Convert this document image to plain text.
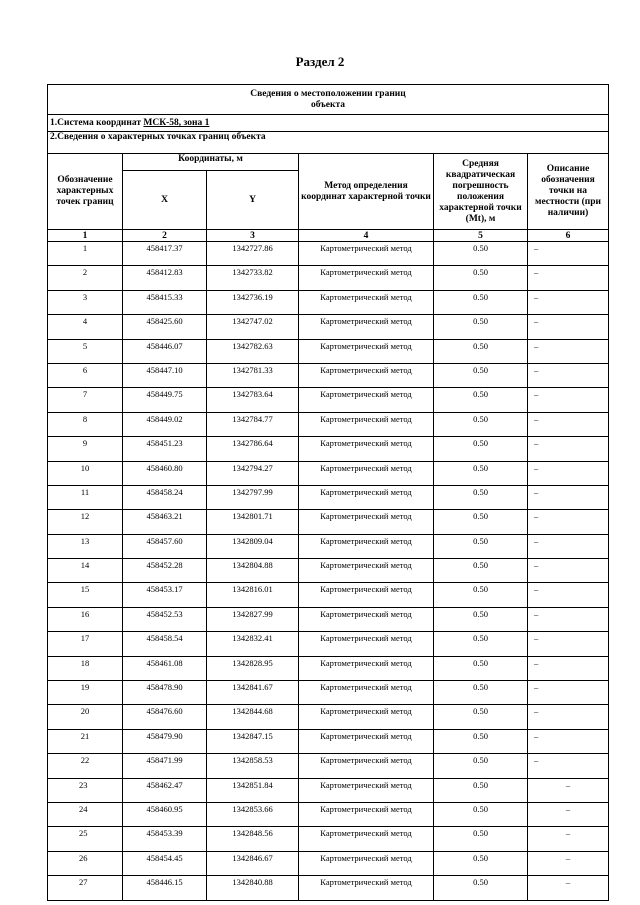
Раздел 2
Сведения о местоположении границ
объекта					

1.Система координат МСК-58, зона 1					
2.Сведения о характерных точках границ объекта					
Обозначение характерных точек границ	Координаты, м		Метод определения координат характерной точки	Средняя квадратическая погрешность положения характерной точки (Mt), м	Описание обозначения точки на местности (при наличии)
	X	Y			
1	2	3	4	5	6
1	458417.37	1342727.86	Картометрический метод	0.50	–
2	458412.83	1342733.82	Картометрический метод	0.50	–
3	458415.33	1342736.19	Картометрический метод	0.50	–
4	458425.60	1342747.02	Картометрический метод	0.50	–
5	458446.07	1342782.63	Картометрический метод	0.50	–
6	458447.10	1342781.33	Картометрический метод	0.50	–
7	458449.75	1342783.64	Картометрический метод	0.50	–
8	458449.02	1342784.77	Картометрический метод	0.50	–
9	458451.23	1342786.64	Картометрический метод	0.50	–
10	458460.80	1342794.27	Картометрический метод	0.50	–
11	458458.24	1342797.99	Картометрический метод	0.50	–
12	458463.21	1342801.71	Картометрический метод	0.50	–
13	458457.60	1342809.04	Картометрический метод	0.50	–
14	458452.28	1342804.88	Картометрический метод	0.50	–
15	458453.17	1342816.01	Картометрический метод	0.50	–
16	458452.53	1342827.99	Картометрический метод	0.50	–
17	458458.54	1342832.41	Картометрический метод	0.50	–
18	458461.08	1342828.95	Картометрический метод	0.50	–
19	458478.90	1342841.67	Картометрический метод	0.50	–
20	458476.60	1342844.68	Картометрический метод	0.50	–
21	458479.90	1342847.15	Картометрический метод	0.50	–
22	458471.99	1342858.53	Картометрический метод	0.50	–
23	458462.47	1342851.84	Картометрический метод	0.50	–
24	458460.95	1342853.66	Картометрический метод	0.50	–
25	458453.39	1342848.56	Картометрический метод	0.50	–
26	458454.45	1342846.67	Картометрический метод	0.50	–
27	458446.15	1342840.88	Картометрический метод	0.50	–
